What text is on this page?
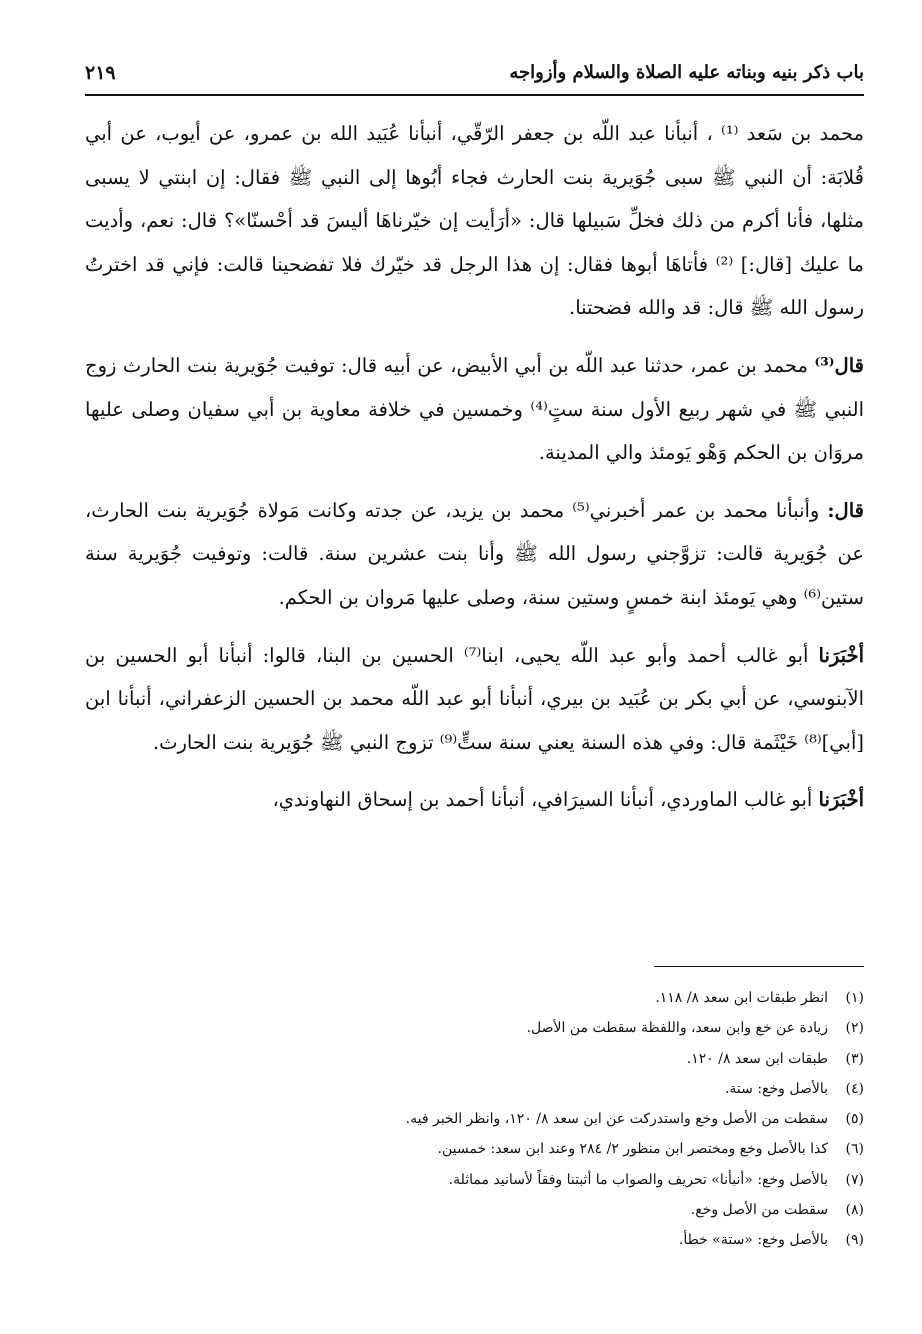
باب ذكر بنيه وبناته عليه الصلاة والسلام وأزواجه
٢١٩

محمد بن سَعد ⁽¹⁾ ، أنبأنا عبد اللّه بن جعفر الرّقّي، أنبأنا عُبَيد الله بن عمرو، عن أيوب، عن أبي قُلابَة: أن النبي ﷺ سبى جُوَيرية بنت الحارث فجاء أبُوها إلى النبي ﷺ فقال: إن ابنتي لا يسبى مثلها، فأنا أكرم من ذلك فخلِّ سَبيلها قال: «أرَأيت إن خيّرناهَا أليسَ قد أحْسنّا»؟ قال: نعم، وأديت ما عليك [قال:] ⁽²⁾ فأتاهَا أبوها فقال: إن هذا الرجل قد خيّرك فلا تفضحينا قالت: فإني قد اخترتُ رسول الله ﷺ قال: قد والله فضحتنا.

قال⁽³⁾ محمد بن عمر، حدثنا عبد اللّه بن أبي الأبيض، عن أبيه قال: توفيت جُوَيرية بنت الحارث زوج النبي ﷺ في شهر ربيع الأول سنة ستٍ⁽⁴⁾ وخمسين في خلافة معاوية بن أبي سفيان وصلى عليها مروَان بن الحكم وَهْو يَومئذ والي المدينة.

قال: وأنبأنا محمد بن عمر أخبرني⁽⁵⁾ محمد بن يزيد، عن جدته وكانت مَولاة جُوَيرية بنت الحارث، عن جُوَيرية قالت: تزوَّجني رسول الله ﷺ وأنا بنت عشرين سنة. قالت: وتوفيت جُوَيرية سنة ستين⁽⁶⁾ وهي يَومئذ ابنة خمسٍ وستين سنة، وصلى عليها مَروان بن الحكم.

أخْبَرَنا أبو غالب أحمد وأبو عبد اللّه يحيى، ابنا⁽⁷⁾ الحسين بن البنا، قالوا: أنبأنا أبو الحسين بن الآبنوسي، عن أبي بكر بن عُبَيد بن بيري، أنبأنا أبو عبد اللّه محمد بن الحسين الزعفراني، أنبأنا ابن [أبي]⁽⁸⁾ خَيْثَمة قال: وفي هذه السنة يعني سنة ستٍّ⁽⁹⁾ تزوج النبي ﷺ جُوَيرية بنت الحارث.

أخْبَرَنا أبو غالب الماوردي، أنبأنا السيرَافي، أنبأنا أحمد بن إسحاق النهاوندي،

(١)انظر طبقات ابن سعد ٨/ ١١٨.
(٢)زيادة عن خع وابن سعد، واللفظة سقطت من الأصل.
(٣)طبقات ابن سعد ٨/ ١٢٠.
(٤)بالأصل وخع: ستة.
(٥)سقطت من الأصل وخع واستدركت عن ابن سعد ٨/ ١٢٠، وانظر الخبر فيه.
(٦)كذا بالأصل وخع ومختصر ابن منظور ٢/ ٢٨٤ وعند ابن سعد: خمسين.
(٧)بالأصل وخع: «أنبأنا» تحريف والصواب ما أثبتنا وفقاً لأسانيد مماثلة.
(٨)سقطت من الأصل وخع.
(٩)بالأصل وخع: «ستة» خطأ.
